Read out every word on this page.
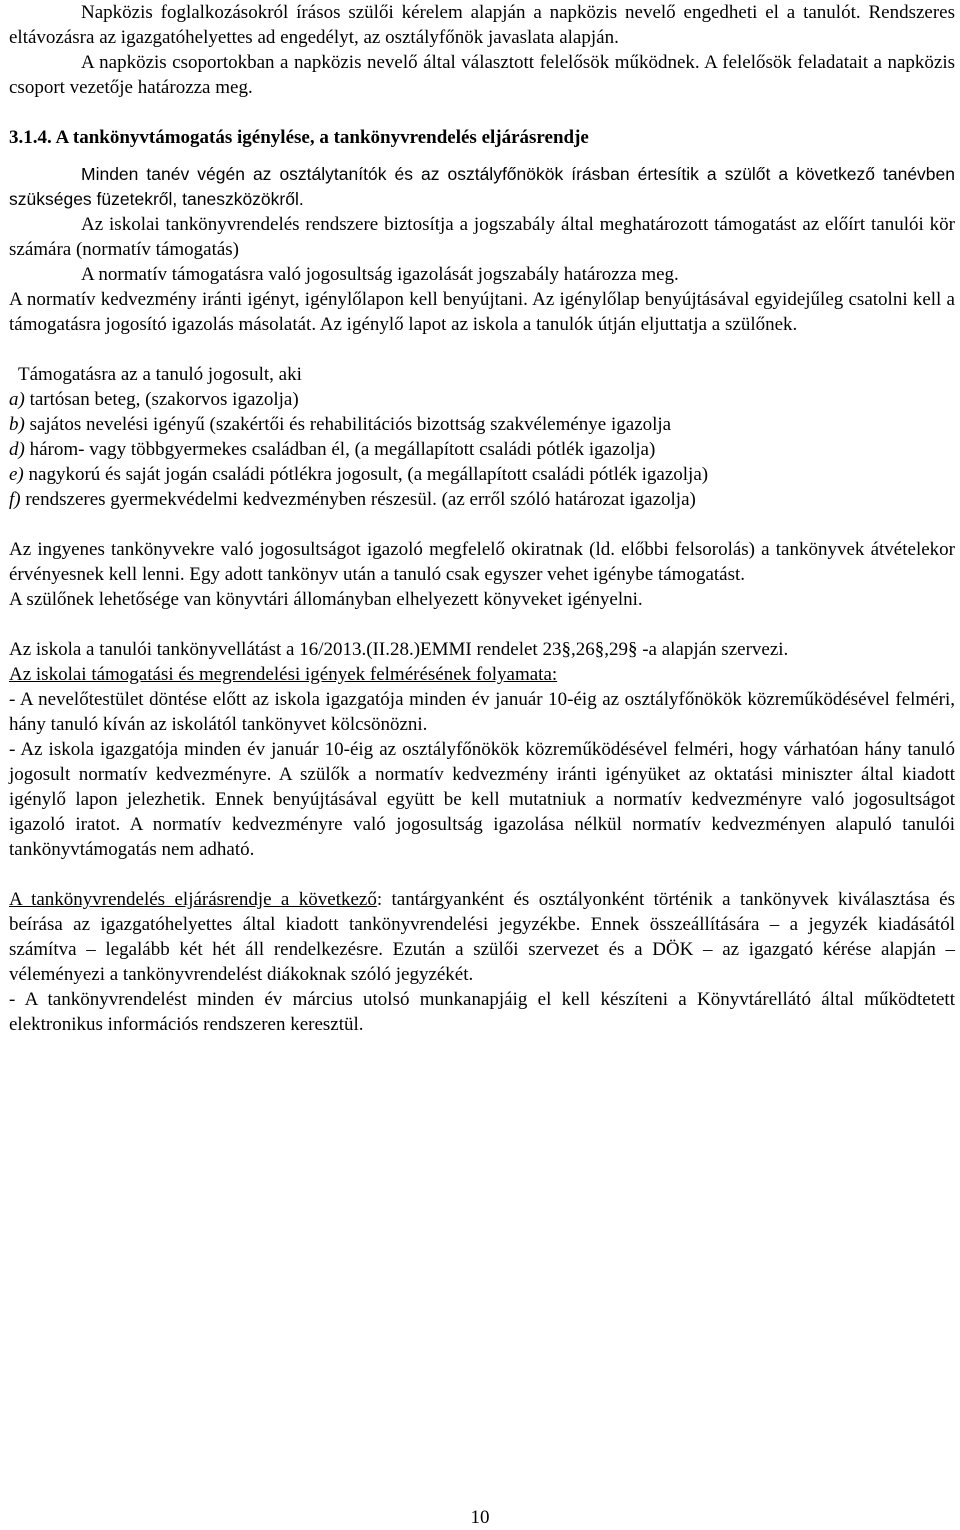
Napközis foglalkozásokról írásos szülői kérelem alapján a napközis nevelő engedheti el a tanulót. Rendszeres eltávozásra az igazgatóhelyettes ad engedélyt, az osztályfőnök javaslata alapján.

A napközis csoportokban a napközis nevelő által választott felelősök működnek. A felelősök feladatait a napközis csoport vezetője határozza meg.

3.1.4. A tankönyvtámogatás igénylése, a tankönyvrendelés eljárásrendje

Minden tanév végén az osztálytanítók és az osztályfőnökök írásban értesítik a szülőt a következő tanévben szükséges füzetekről, taneszközökről.

Az iskolai tankönyvrendelés rendszere biztosítja a jogszabály által meghatározott támogatást az előírt tanulói kör számára (normatív támogatás)

A normatív támogatásra való jogosultság igazolását jogszabály határozza meg.

A normatív kedvezmény iránti igényt, igénylőlapon kell benyújtani. Az igénylőlap benyújtásával egyidejűleg csatolni kell a támogatásra jogosító igazolás másolatát. Az igénylő lapot az iskola a tanulók útján eljuttatja a szülőnek.

Támogatásra az a tanuló jogosult, aki

a) tartósan beteg, (szakorvos igazolja)

b) sajátos nevelési igényű (szakértői és rehabilitációs bizottság szakvéleménye igazolja

d) három- vagy többgyermekes családban él, (a megállapított családi pótlék igazolja)

e) nagykorú és saját jogán családi pótlékra jogosult, (a megállapított családi pótlék igazolja)

f) rendszeres gyermekvédelmi kedvezményben részesül. (az erről szóló határozat igazolja)

Az ingyenes tankönyvekre való jogosultságot igazoló megfelelő okiratnak (ld. előbbi felsorolás) a tankönyvek átvételekor érvényesnek kell lenni. Egy adott tankönyv után a tanuló csak egyszer vehet igénybe támogatást.

A szülőnek lehetősége van könyvtári állományban elhelyezett könyveket igényelni.

Az iskola a tanulói tankönyvellátást a 16/2013.(II.28.)EMMI rendelet 23§,26§,29§ -a alapján szervezi.

Az iskolai támogatási és megrendelési igények felmérésének folyamata:

- A nevelőtestület döntése előtt az iskola igazgatója minden év január 10-éig az osztályfőnökök közreműködésével felméri, hány tanuló kíván az iskolától tankönyvet kölcsönözni.

- Az iskola igazgatója minden év január 10-éig az osztályfőnökök közreműködésével felméri, hogy várhatóan hány tanuló jogosult normatív kedvezményre. A szülők a normatív kedvezmény iránti igényüket az oktatási miniszter által kiadott igénylő lapon jelezhetik. Ennek benyújtásával együtt be kell mutatniuk a normatív kedvezményre való jogosultságot igazoló iratot. A normatív kedvezményre való jogosultság igazolása nélkül normatív kedvezményen alapuló tanulói tankönyvtámogatás nem adható.

A tankönyvrendelés eljárásrendje a következő: tantárgyanként és osztályonként történik a tankönyvek kiválasztása és beírása az igazgatóhelyettes által kiadott tankönyvrendelési jegyzékbe. Ennek összeállítására – a jegyzék kiadásától számítva – legalább két hét áll rendelkezésre. Ezután a szülői szervezet és a DÖK – az igazgató kérése alapján – véleményezi a tankönyvrendelést diákoknak szóló jegyzékét.

- A tankönyvrendelést minden év március utolsó munkanapjáig el kell készíteni a Könyvtárellátó által működtetett elektronikus információs rendszeren keresztül.

10
